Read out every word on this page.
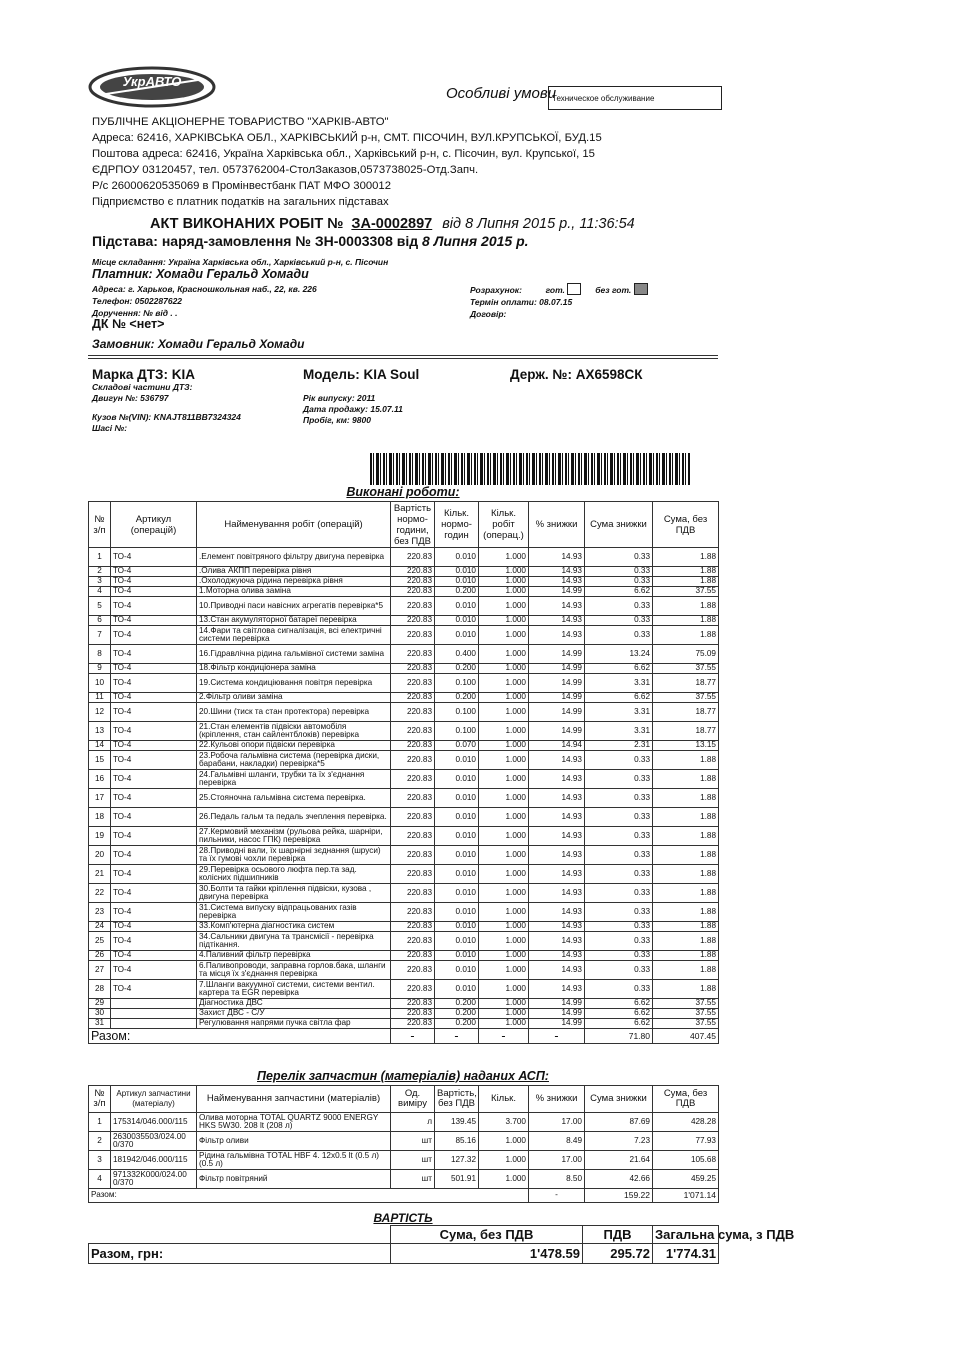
УкрАВТО
Особливі умови
Техническое обслуживание
ПУБЛІЧНЕ АКЦІОНЕРНЕ ТОВАРИСТВО "ХАРКІВ-АВТО"
Адреса: 62416, ХАРКІВСЬКА ОБЛ., ХАРКІВСЬКИЙ р-н, СМТ. ПІСОЧИН, ВУЛ.КРУПСЬКОЇ, БУД.15
Поштова адреса: 62416, Україна Харківська обл., Харківський р-н, с. Пісочин, вул. Крупської, 15
ЄДРПОУ 03120457, тел. 0573762004-СтолЗаказов,0573738025-Отд.Запч.
Р/с 26000620535069 в Промінвестбанк ПАТ МФО 300012
Підприємство є платник податків на загальних підставах
АКТ ВИКОНАНИХ РОБІТ № ЗА-0002897 від 8 Липня 2015 р., 11:36:54
Підстава: наряд-замовлення № ЗН-0003308 від 8 Липня 2015 р.
Місце складання: Україна Харківська обл., Харківський р-н, с. Пісочин
Платник: Хомади Геральд Хомади
Адреса: г. Харьков, Красношкольная наб., 22, кв. 226
Телефон: 0502287622
Доручення: № від . .
Розрахунок:	гот.	без гот.
Термін оплати: 08.07.15
Договір:
ДК № <нет>
Замовник: Хомади Геральд Хомади
Марка ДТЗ: KIA
Складові частини ДТЗ:
Двигун №: 536797
Кузов №(VIN): KNAJT811BB7324324
Шасі №:
Модель: KIA Soul
Рік випуску: 2011
Дата продажу: 15.07.11
Пробіг, км: 9800
Держ. №: АХ6598СК
Виконані роботи:
№ з/п	Артикул (операцій)	Найменування робіт (операцій)	Вартість нормо-години, без ПДВ	Кільк. нормо-годин	Кільк. робіт (операц.)	% знижки	Сума знижки	Сума, без ПДВ
1	ТО-4	.Елемент повітряного фільтру двигуна перевірка	220.83	0.010	1.000	14.93	0.33	1.88
2	ТО-4	.Олива АКПП перевірка рівня	220.83	0.010	1.000	14.93	0.33	1.88
3	ТО-4	.Охолоджуюча рідина перевірка рівня	220.83	0.010	1.000	14.93	0.33	1.88
4	ТО-4	1.Моторна олива заміна	220.83	0.200	1.000	14.99	6.62	37.55
5	ТО-4	10.Приводні паси навісних агрегатів перевірка*5	220.83	0.010	1.000	14.93	0.33	1.88
6	ТО-4	13.Стан акумуляторної батареї перевірка	220.83	0.010	1.000	14.93	0.33	1.88
7	ТО-4	14.Фари та світлова сигналізація, всі електричні системи перевірка	220.83	0.010	1.000	14.93	0.33	1.88
8	ТО-4	16.Гідравлічна рідина гальмівної системи заміна	220.83	0.400	1.000	14.99	13.24	75.09
9	ТО-4	18.Фільтр кондиціонера заміна	220.83	0.200	1.000	14.99	6.62	37.55
10	ТО-4	19.Система кондиціювання повітря перевірка	220.83	0.100	1.000	14.99	3.31	18.77
11	ТО-4	2.Фільтр оливи заміна	220.83	0.200	1.000	14.99	6.62	37.55
12	ТО-4	20.Шини (тиск та стан протектора) перевірка	220.83	0.100	1.000	14.99	3.31	18.77
13	ТО-4	21.Стан елементів підвіски автомобіля (кріплення, стан сайлентблоків) перевірка	220.83	0.100	1.000	14.99	3.31	18.77
14	ТО-4	22.Кульові опори підвіски перевірка	220.83	0.070	1.000	14.94	2.31	13.15
15	ТО-4	23.Робоча гальмівна система (перевірка диски, барабани, накладки) перевірка*5	220.83	0.010	1.000	14.93	0.33	1.88
16	ТО-4	24.Гальмівні шланги, трубки та їх з'єднання перевірка	220.83	0.010	1.000	14.93	0.33	1.88
17	ТО-4	25.Стояночна гальмівна система перевірка.	220.83	0.010	1.000	14.93	0.33	1.88
18	ТО-4	26.Педаль гальм та педаль зчеплення перевірка.	220.83	0.010	1.000	14.93	0.33	1.88
19	ТО-4	27.Кермовий механізм (рульова рейка, шарніри, пильники, насос ГПК) перевірка	220.83	0.010	1.000	14.93	0.33	1.88
20	ТО-4	28.Приводні вали, їх шарнірні зєднання (шруси) та їх гумові чохли перевірка	220.83	0.010	1.000	14.93	0.33	1.88
21	ТО-4	29.Перевірка осьового люфта пер.та зад. колісних підшипників	220.83	0.010	1.000	14.93	0.33	1.88
22	ТО-4	30.Болти та гайки кріплення підвіски, кузова , двигуна перевірка	220.83	0.010	1.000	14.93	0.33	1.88
23	ТО-4	31.Система випуску відпрацьованих газів перевірка	220.83	0.010	1.000	14.93	0.33	1.88
24	ТО-4	33.Комп'ютерна діагностика систем	220.83	0.010	1.000	14.93	0.33	1.88
25	ТО-4	34.Сальники двигуна та трансмісії - перевірка підтікання.	220.83	0.010	1.000	14.93	0.33	1.88
26	ТО-4	4.Паливний фільтр перевірка	220.83	0.010	1.000	14.93	0.33	1.88
27	ТО-4	6.Паливопроводи, заправна горлов.бака, шланги та місця їх з'єднання перевірка	220.83	0.010	1.000	14.93	0.33	1.88
28	ТО-4	7.Шланги вакуумної системи, системи вентил. картера та EGR перевірка	220.83	0.010	1.000	14.93	0.33	1.88
29		Діагностика ДВС	220.83	0.200	1.000	14.99	6.62	37.55
30		Захист ДВС - С/У	220.83	0.200	1.000	14.99	6.62	37.55
31		Регулювання напрями пучка світла фар	220.83	0.200	1.000	14.99	6.62	37.55
Разом:			-	-	-	-	71.80	407.45
Перелік запчастин (матеріалів) наданих АСП:
№ з/п	Артикул запчастини (матеріалу)	Найменування запчастини (матеріалів)	Од. виміру	Вартість, без ПДВ	Кільк.	% знижки	Сума знижки	Сума, без ПДВ
1	175314/046.000/115	Олива моторна TOTAL QUARTZ 9000 ENERGY HKS 5W30. 208 lt (208 л)	л	139.45	3.700	17.00	87.69	428.28
2	2630035503/024.00 0/370	Фільтр оливи	шт	85.16	1.000	8.49	7.23	77.93
3	181942/046.000/115	Рідина гальмівна TOTAL HBF 4. 12x0.5 lt (0.5 л) (0.5 л)	шт	127.32	1.000	17.00	21.64	105.68
4	971332K000/024.00 0/370	Фільтр повітряний	шт	501.91	1.000	8.50	42.66	459.25
Разом:						-	159.22	1'071.14
ВАРТІСТЬ
	Сума, без ПДВ	ПДВ	Загальна сума, з ПДВ
Разом, грн:	1'478.59	295.72	1'774.31
